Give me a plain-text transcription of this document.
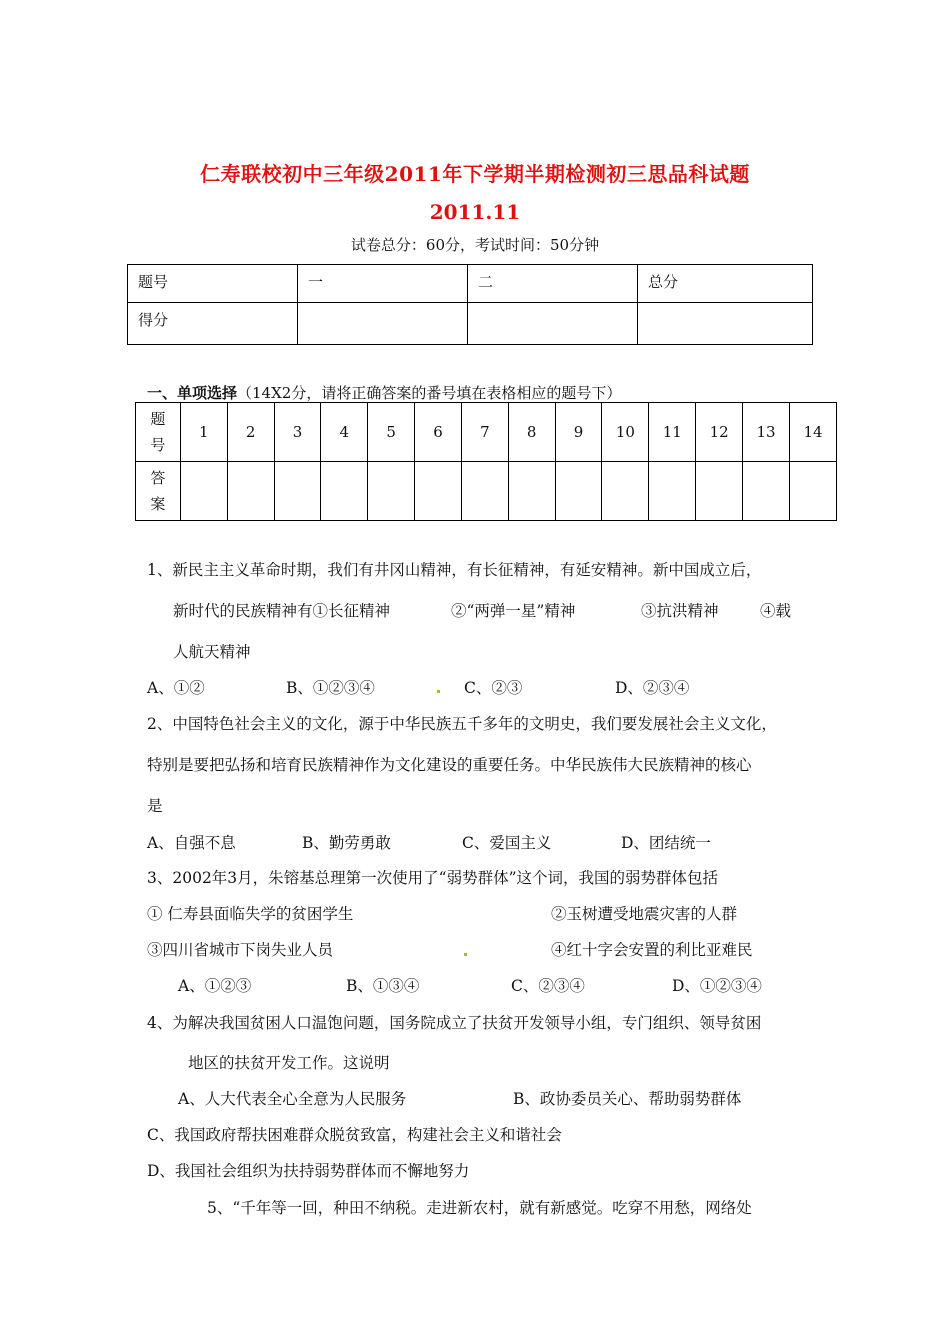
仁寿联校初中三年级2011年下学期半期检测初三思品科试题
2011.11
试卷总分：60分，考试时间：50分钟
题号	一	二	总分
得分			
一、单项选择（14X2分，请将正确答案的番号填在表格相应的题号下）
题
号	1	2	3	4	5	6	7	8	9	10	11	12	13	14
答
案														
1、新民主主义革命时期，我们有井冈山精神，有长征精神，有延安精神。新中国成立后，
新时代的民族精神有①长征精神	②“两弹一星”精神	③抗洪精神	④载
人航天精神
A、①②	B、①②③④	C、②③	D、②③④
2、中国特色社会主义的文化，源于中华民族五千多年的文明史，我们要发展社会主义文化，
特别是要把弘扬和培育民族精神作为文化建设的重要任务。中华民族伟大民族精神的核心
是
A、自强不息	B、勤劳勇敢	C、爱国主义	D、团结统一
3、2002年3月，朱镕基总理第一次使用了“弱势群体”这个词，我国的弱势群体包括
① 仁寿县面临失学的贫困学生	②玉树遭受地震灾害的人群
③四川省城市下岗失业人员	④红十字会安置的利比亚难民
A、①②③	B、①③④	C、②③④	D、①②③④
4、为解决我国贫困人口温饱问题，国务院成立了扶贫开发领导小组，专门组织、领导贫困
地区的扶贫开发工作。这说明
A、人大代表全心全意为人民服务	B、政协委员关心、帮助弱势群体
C、我国政府帮扶困难群众脱贫致富，构建社会主义和谐社会
D、我国社会组织为扶持弱势群体而不懈地努力
5、“千年等一回，种田不纳税。走进新农村，就有新感觉。吃穿不用愁，网络处
